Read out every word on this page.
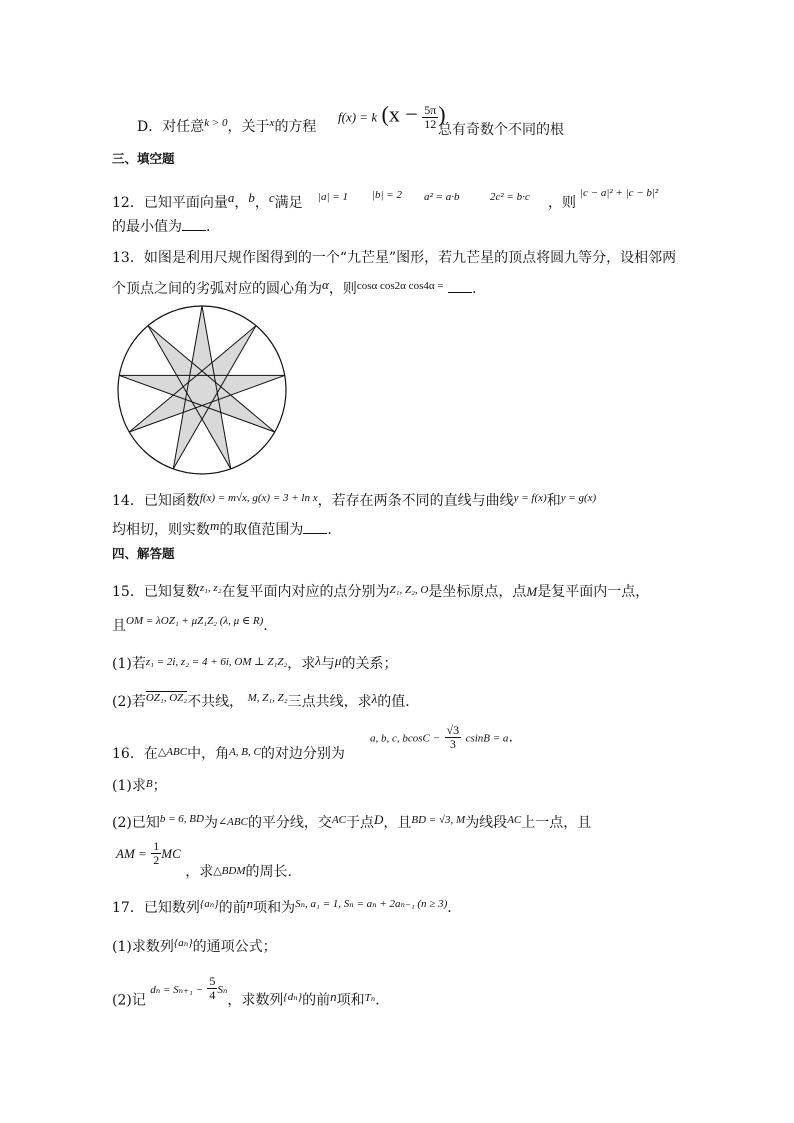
D．对任意$^{k > 0}$，关于$^x$的方程
f(x) = k ($x - \frac{5\pi}{12}$ )
总有奇数个不同的根
三、填空题
12．已知平面向量a，b，c满足 |a| = 1 |b| = 2 a² = a·b	2c² = b·c ，则
|c − a|² + |c − b|²
的最小值为 .
13．如图是利用尺规作图得到的一个“九芒星”图形，若九芒星的顶点将圆九等分，设相邻两
个顶点之间的劣弧对应的圆心角为α，则$^{cos\alpha cos2\alpha cos4\alpha =}$ .
14．已知函数$^{f(x) = m√x, g(x) = 3 + ln x}$，若存在两条不同的直线与曲线$^{y = f(x)}$和$^{y = g(x)}$
均相切，则实数m的取值范围为 .
四、解答题
15．已知复数$^{z_1, z_2}$在复平面内对应的点分别为$^{Z_1, Z_2, O}$是坐标原点，点M是复平面内一点，
且$^{OM = \lambda OZ_1 + \mu Z_1Z_2 (\lambda, \mu \in R)}$.
(1)若$^{z_1 = 2i, z_2 = 4 + 6i, OM \perp Z_1Z_2}$，求λ与μ的关系；
(2)若$^{OZ_1, OZ_2}$不共线， $^{M, Z_1, Z_2}$三点共线，求λ的值.
16．在$^{\triangle ABC}$中，角$^{A, B, C}$的对边分别为
a, b, c, $bcosC - \frac{√3}{3}$ csinB = a.
(1)求$^B$；
(2)已知$^{b = 6, BD}$为∠ABC的平分线，交$^{AC}$于点D，且$^{BD = √3, M}$为线段$^{AC}$上一点，且
AM = $\frac{1}{2}$ MC ，求$_{\triangle BDM}$的周长.
17．已知数列$^{\{a_n\}}$的前n项和为$^{S_n, a_1 = 1, S_n = a_n + 2a_{n-1} (n \ge 3)}$.
(1)求数列$^{\{a_n\}}$的通项公式；
(2)记 $^{d_n = S_{n+1} -} \frac{5}{4} ^{S_n}$，求数列$^{\{d_n\}}$的前n项和$^{T_n}$.
